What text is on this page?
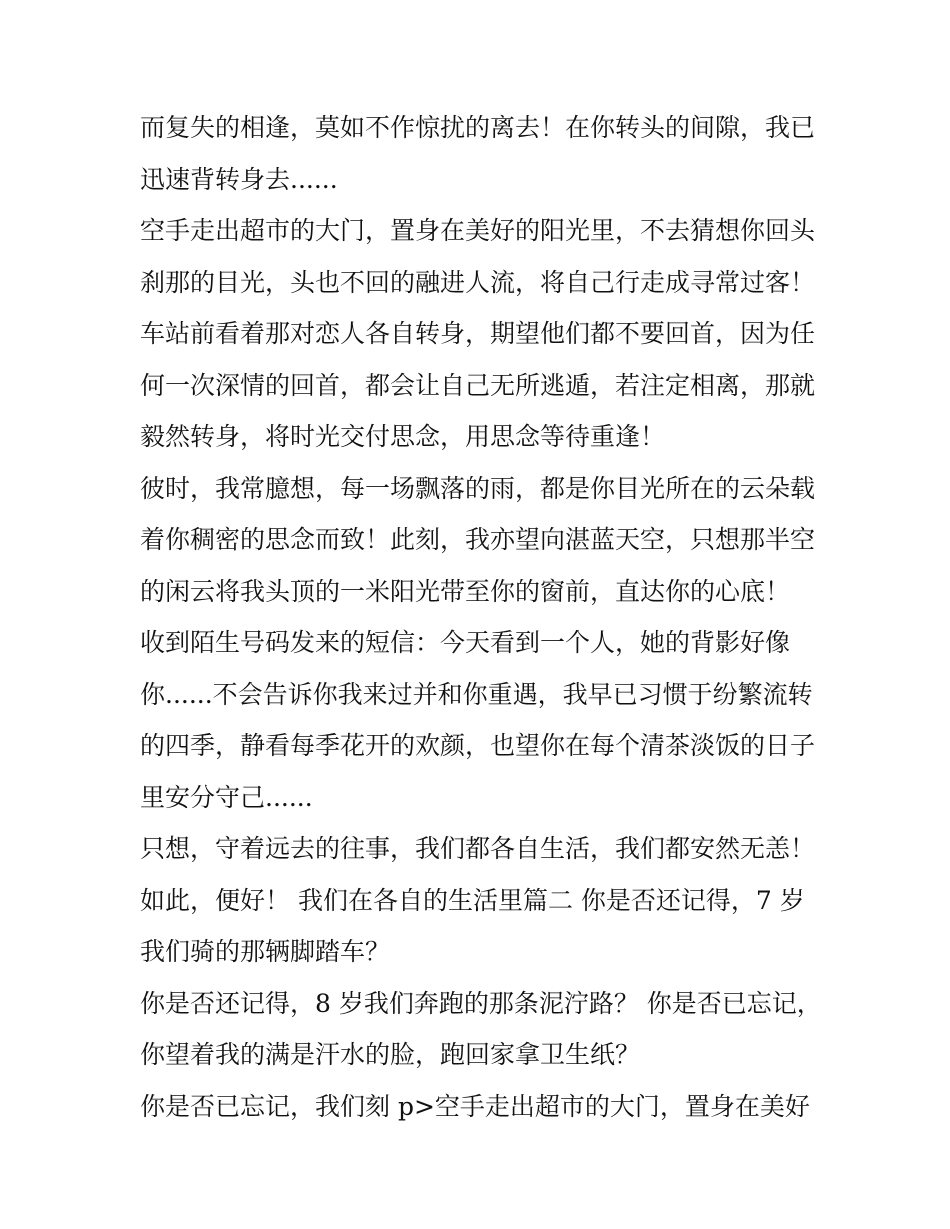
而复失的相逢，莫如不作惊扰的离去！在你转头的间隙，我已
迅速背转身去......
空手走出超市的大门，置身在美好的阳光里，不去猜想你回头
刹那的目光，头也不回的融进人流，将自己行走成寻常过客！
车站前看着那对恋人各自转身，期望他们都不要回首，因为任
何一次深情的回首，都会让自己无所逃遁，若注定相离，那就
毅然转身，将时光交付思念，用思念等待重逢！
彼时，我常臆想，每一场飘落的雨，都是你目光所在的云朵载
着你稠密的思念而致！此刻，我亦望向湛蓝天空，只想那半空
的闲云将我头顶的一米阳光带至你的窗前，直达你的心底！
收到陌生号码发来的短信：今天看到一个人，她的背影好像
你......不会告诉你我来过并和你重遇，我早已习惯于纷繁流转
的四季，静看每季花开的欢颜，也望你在每个清茶淡饭的日子
里安分守己......
只想，守着远去的往事，我们都各自生活，我们都安然无恙！
如此，便好！ 我们在各自的生活里篇二 你是否还记得，7 岁
我们骑的那辆脚踏车？
你是否还记得，8 岁我们奔跑的那条泥泞路？ 你是否已忘记，
你望着我的满是汗水的脸，跑回家拿卫生纸？
你是否已忘记，我们刻 p>空手走出超市的大门，置身在美好
